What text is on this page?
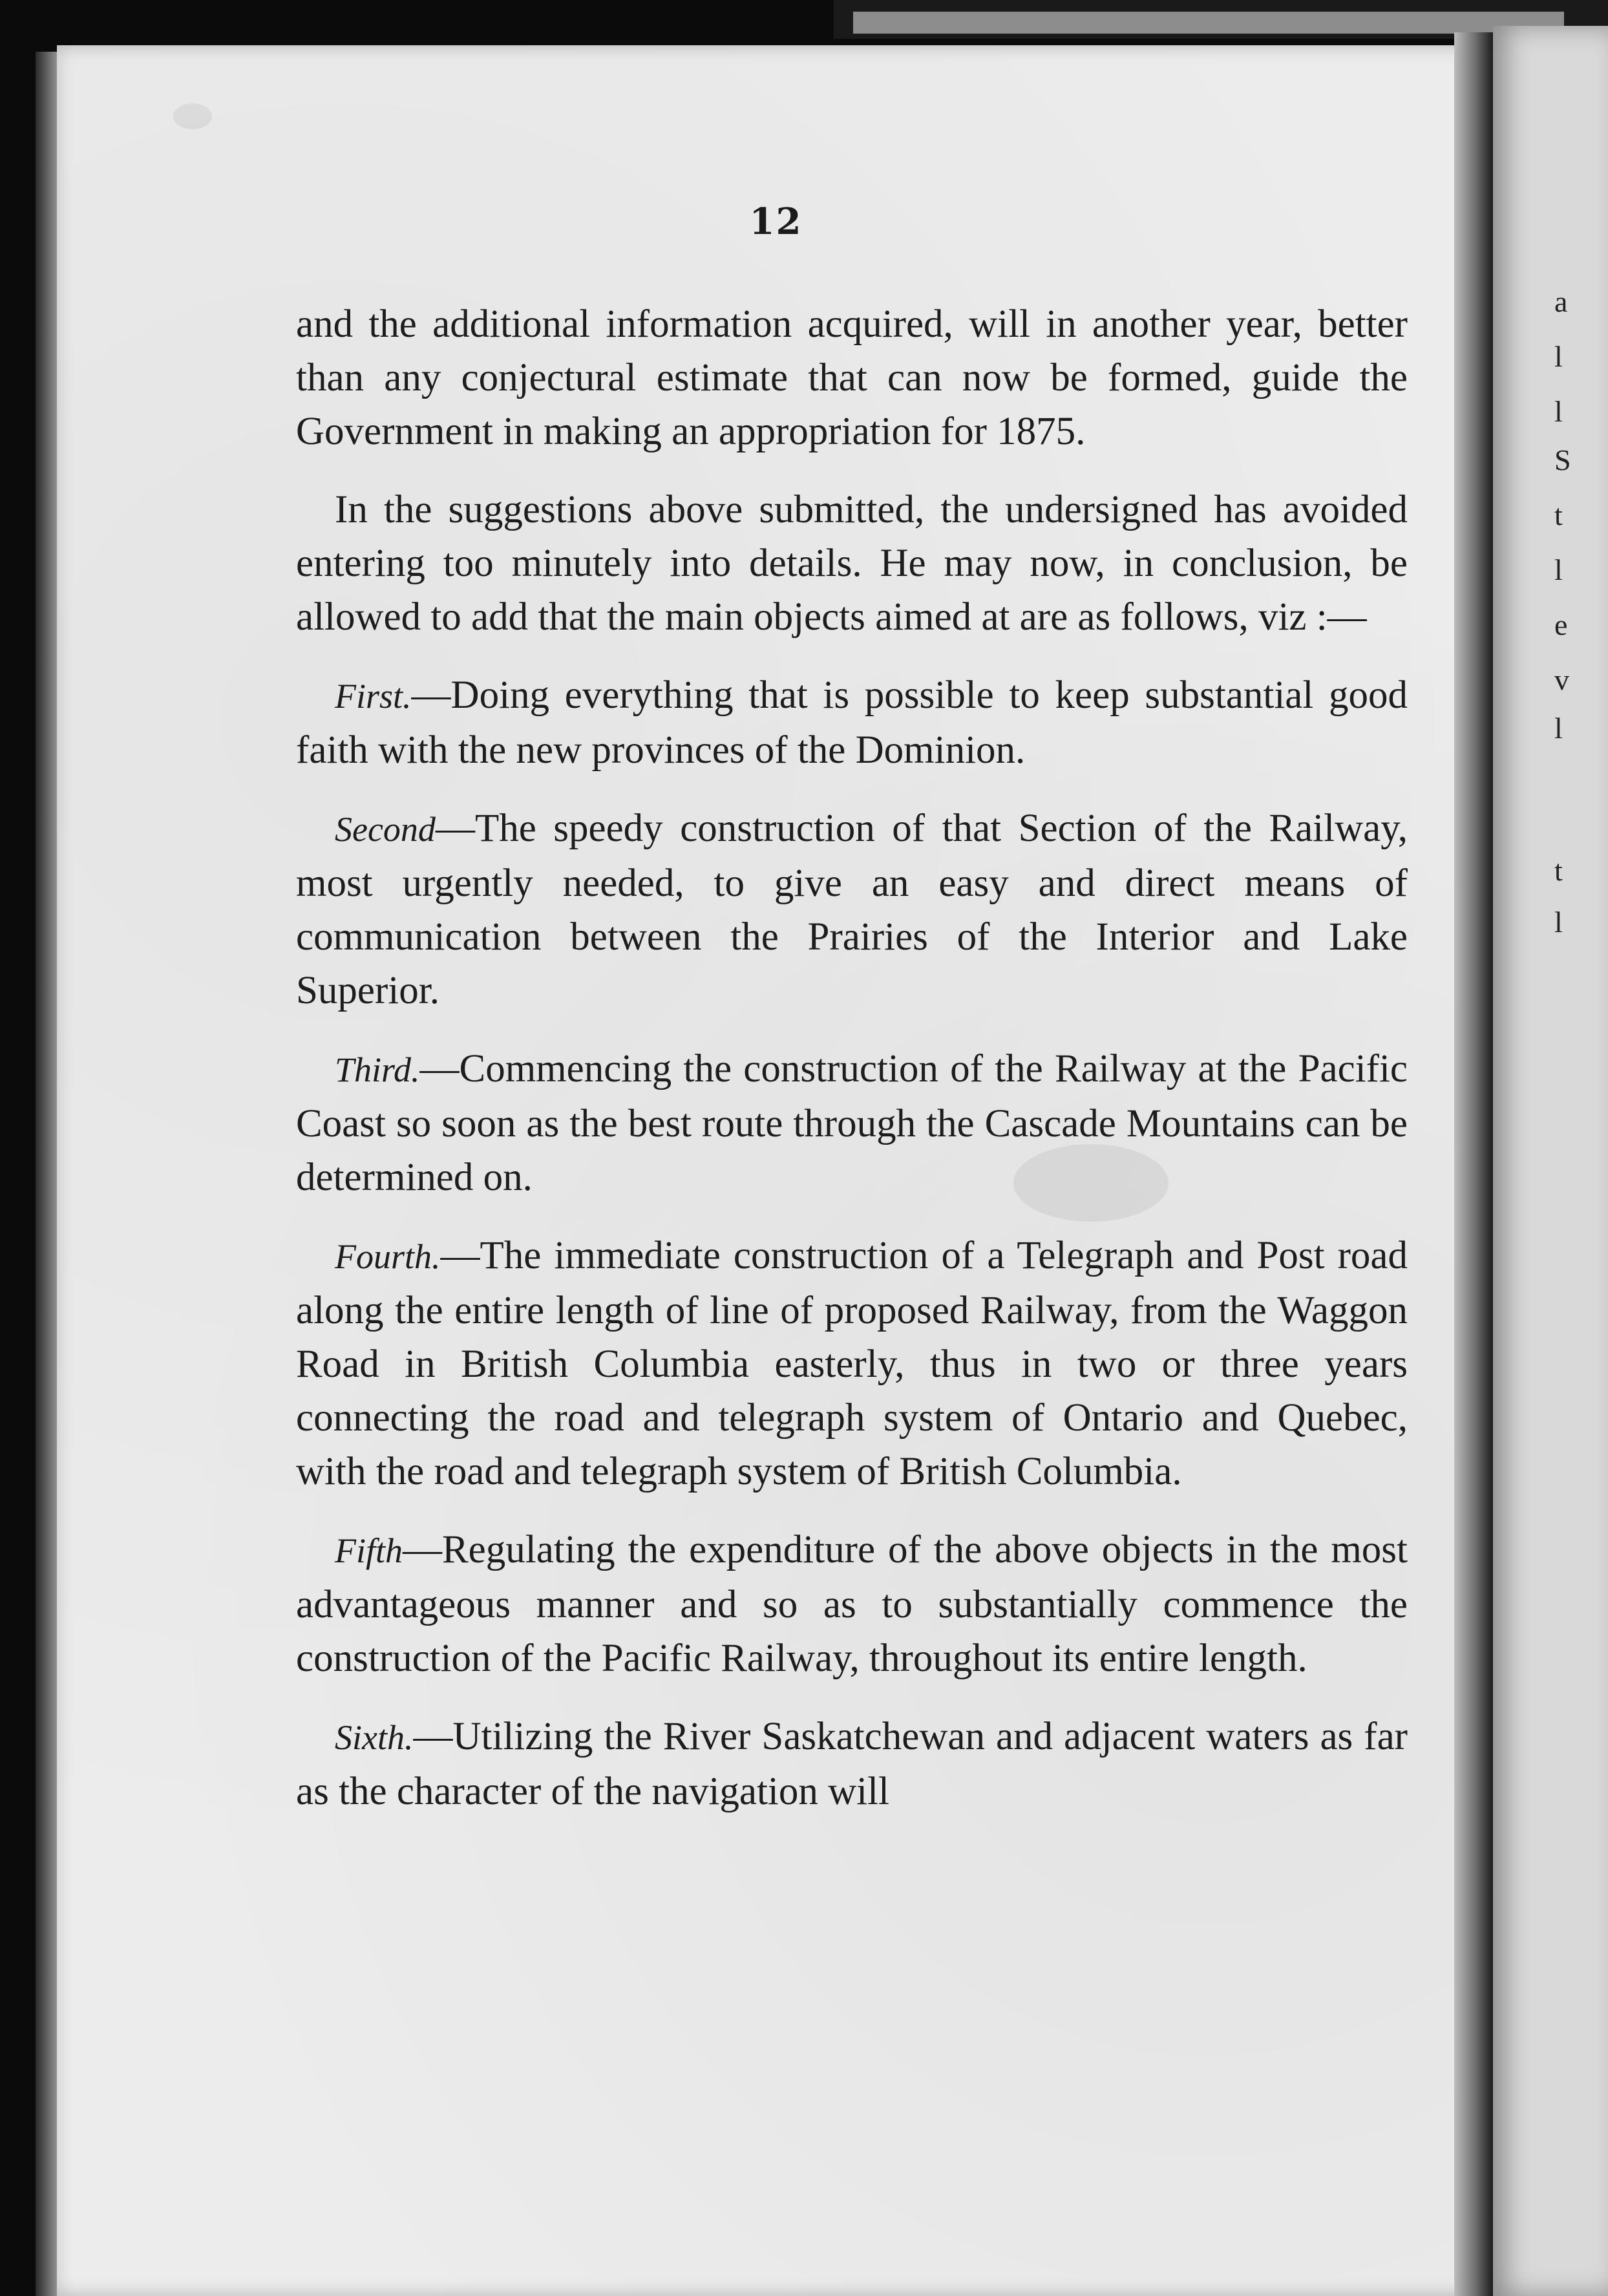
12

and the additional information acquired, will in another year, better than any conjectural estimate that can now be formed, guide the Government in making an appropriation for 1875.

In the suggestions above submitted, the undersigned has avoided entering too minutely into details. He may now, in conclusion, be allowed to add that the main objects aimed at are as follows, viz :—

First.—Doing everything that is possible to keep substantial good faith with the new provinces of the Dominion.

Second—The speedy construction of that Section of the Railway, most urgently needed, to give an easy and direct means of communication between the Prairies of the Interior and Lake Superior.

Third.—Commencing the construction of the Railway at the Pacific Coast so soon as the best route through the Cascade Mountains can be determined on.

Fourth.—The immediate construction of a Telegraph and Post road along the entire length of line of proposed Railway, from the Waggon Road in British Columbia easterly, thus in two or three years connecting the road and telegraph system of Ontario and Quebec, with the road and telegraph system of British Columbia.

Fifth—Regulating the expenditure of the above objects in the most advantageous manner and so as to substantially commence the construction of the Pacific Railway, throughout its entire length.

Sixth.—Utilizing the River Saskatchewan and adjacent waters as far as the character of the navigation will

a
l
l
S
t
l
e
v
l
t
l
